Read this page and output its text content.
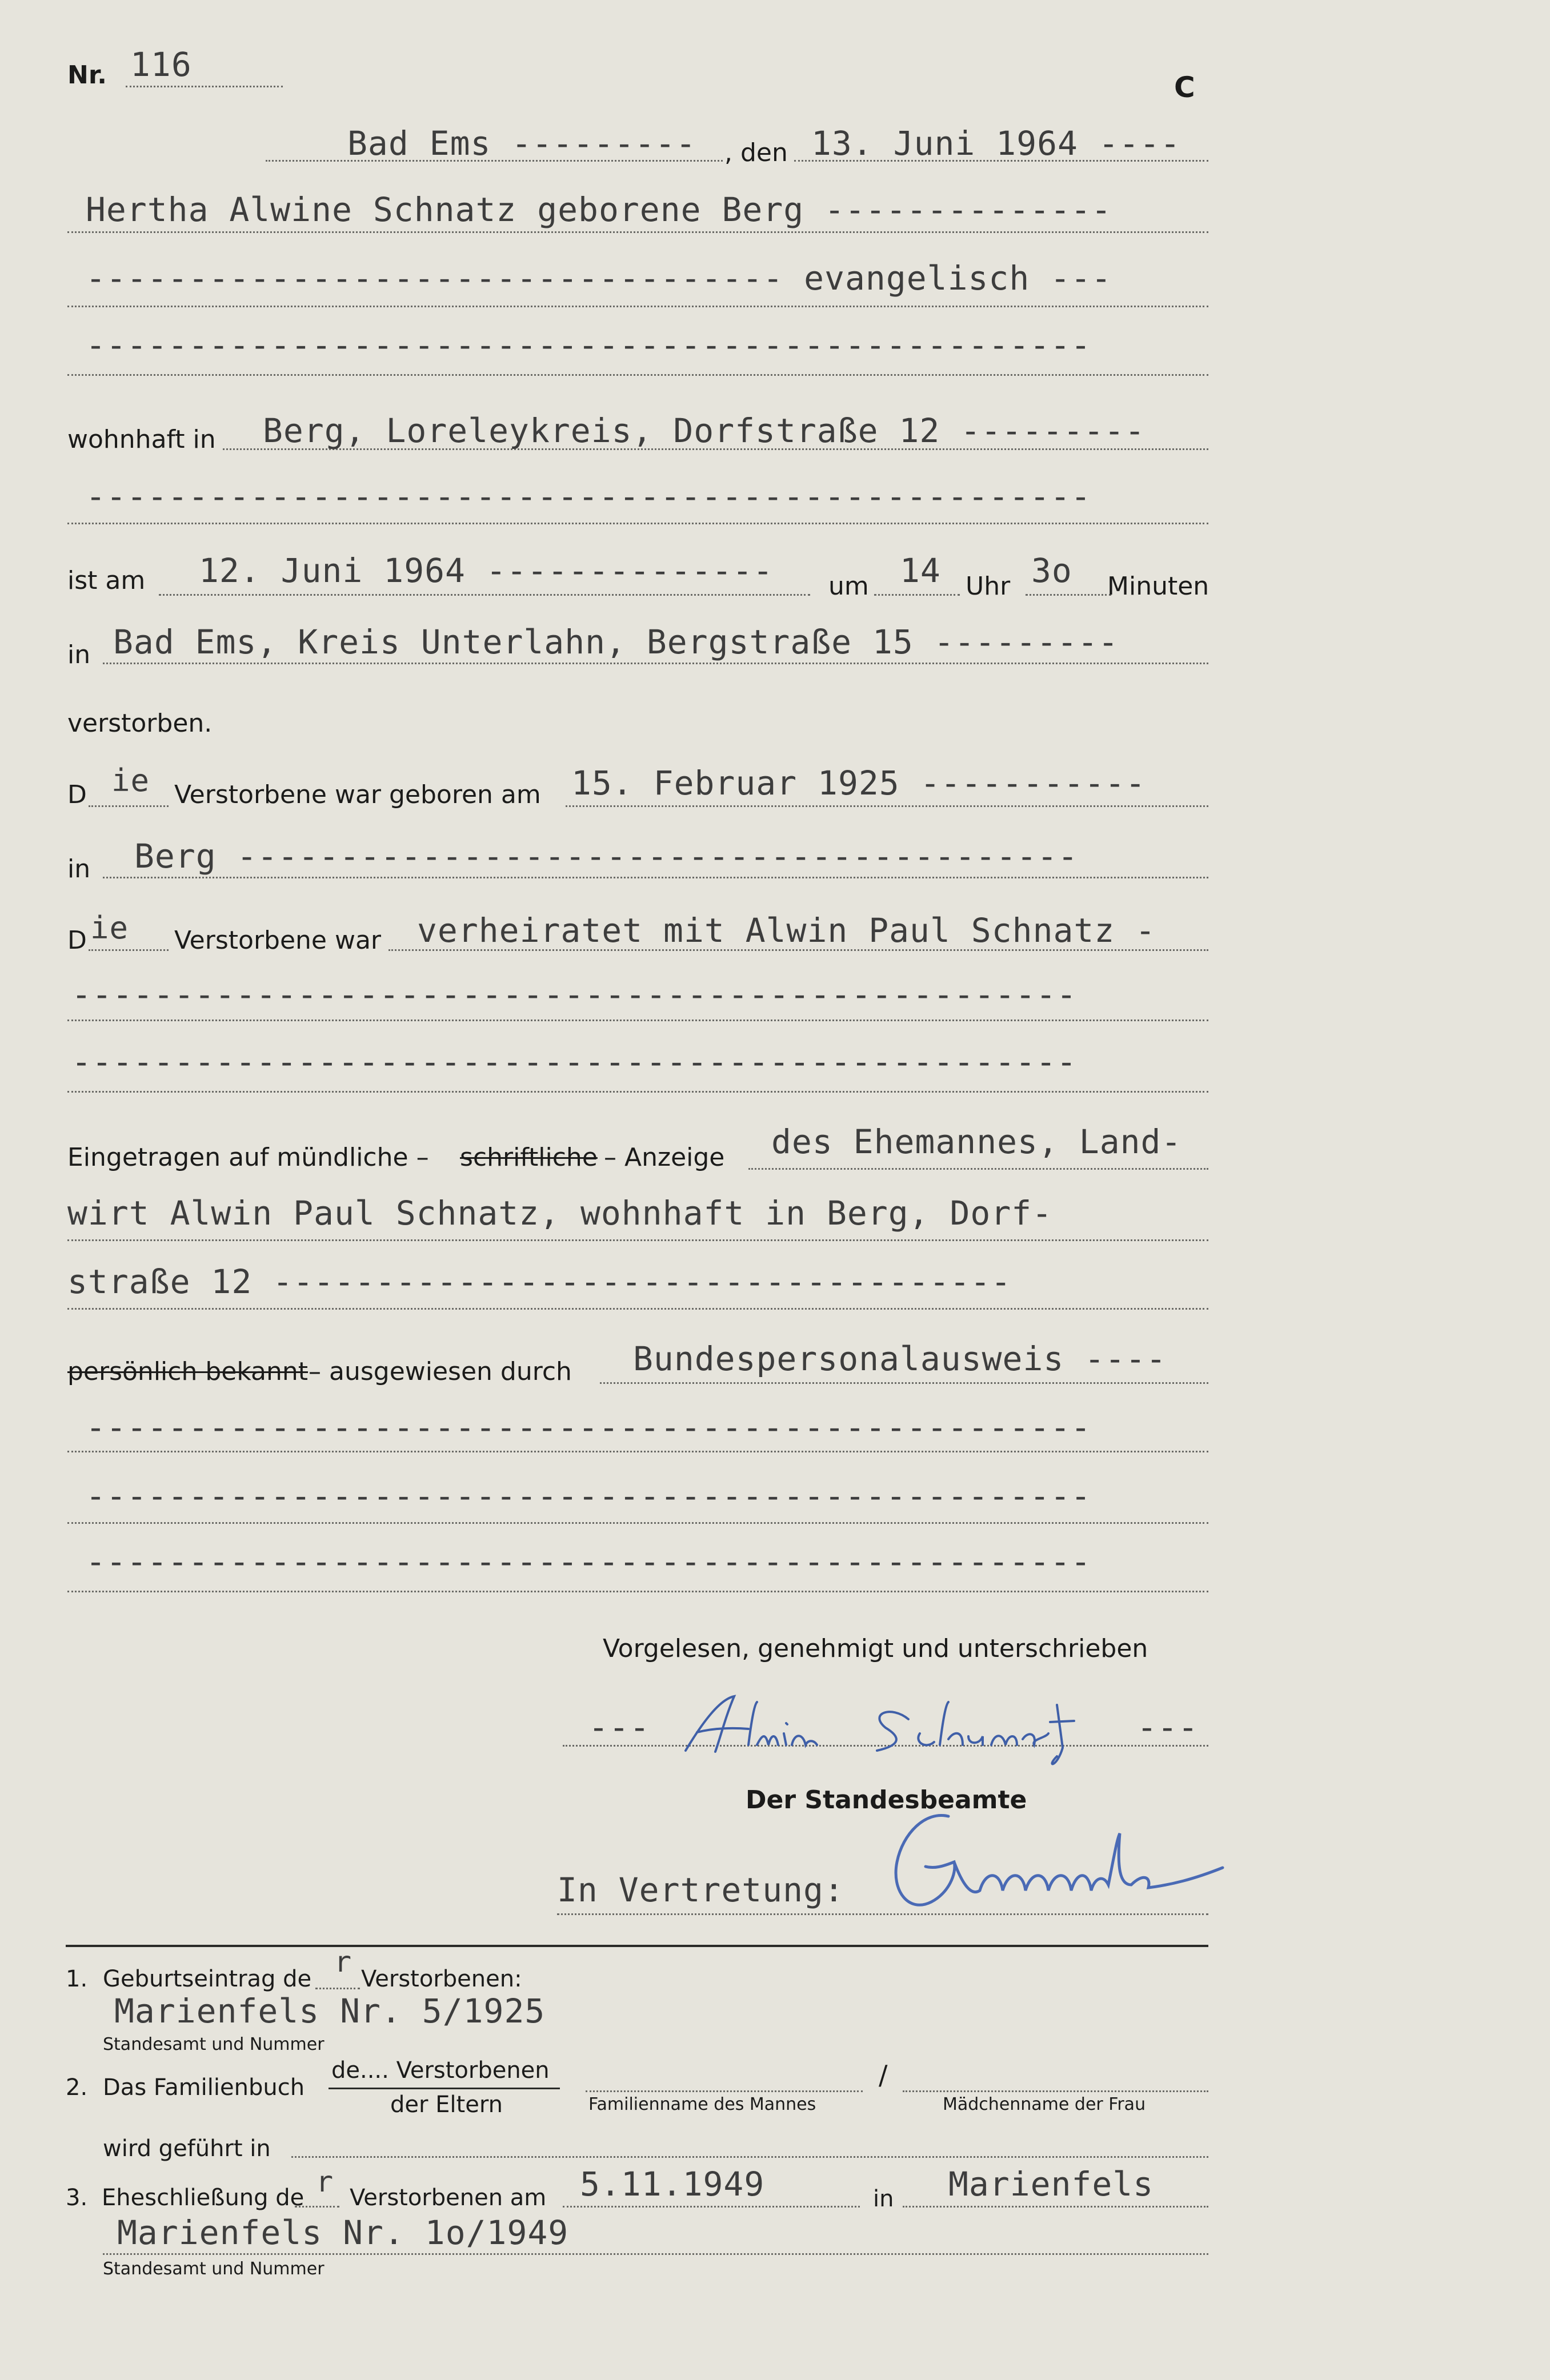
Nr. 116
C
Bad Ems --------- , den 13. Juni 1964 ----
Hertha Alwine Schnatz geborene Berg --------------
---------------------------------- evangelisch ---
-------------------------------------------------
wohnhaft in Berg, Loreleykreis, Dorfstraße 12 ---------
-------------------------------------------------
ist am 12. Juni 1964 -------------- um 14 Uhr 3o Minuten
in Bad Ems, Kreis Unterlahn, Bergstraße 15 ---------
verstorben.
D ie Verstorbene war geboren am 15. Februar 1925 -----------
in Berg -----------------------------------------
D ie Verstorbene war verheiratet mit Alwin Paul Schnatz -
-------------------------------------------------
-------------------------------------------------
Eingetragen auf mündliche – schriftliche – Anzeige des Ehemannes, Land-
wirt Alwin Paul Schnatz, wohnhaft in Berg, Dorf-
straße 12 ------------------------------------
persönlich bekannt – ausgewiesen durch Bundespersonalausweis ----
-------------------------------------------------
-------------------------------------------------
-------------------------------------------------
Vorgelesen, genehmigt und unterschrieben
---	---
Der Standesbeamte
In Vertretung:
1. Geburtseintrag de
r
Verstorbenen:
Marienfels Nr. 5/1925
Standesamt und Nummer
2. Das Familienbuch
de.... Verstorbenen
der Eltern	Familienname des Mannes
/
Mädchenname der Frau
wird geführt in
3. Eheschließung de r Verstorbenen am 5.11.1949	in Marienfels
Marienfels Nr. 1o/1949
Standesamt und Nummer
